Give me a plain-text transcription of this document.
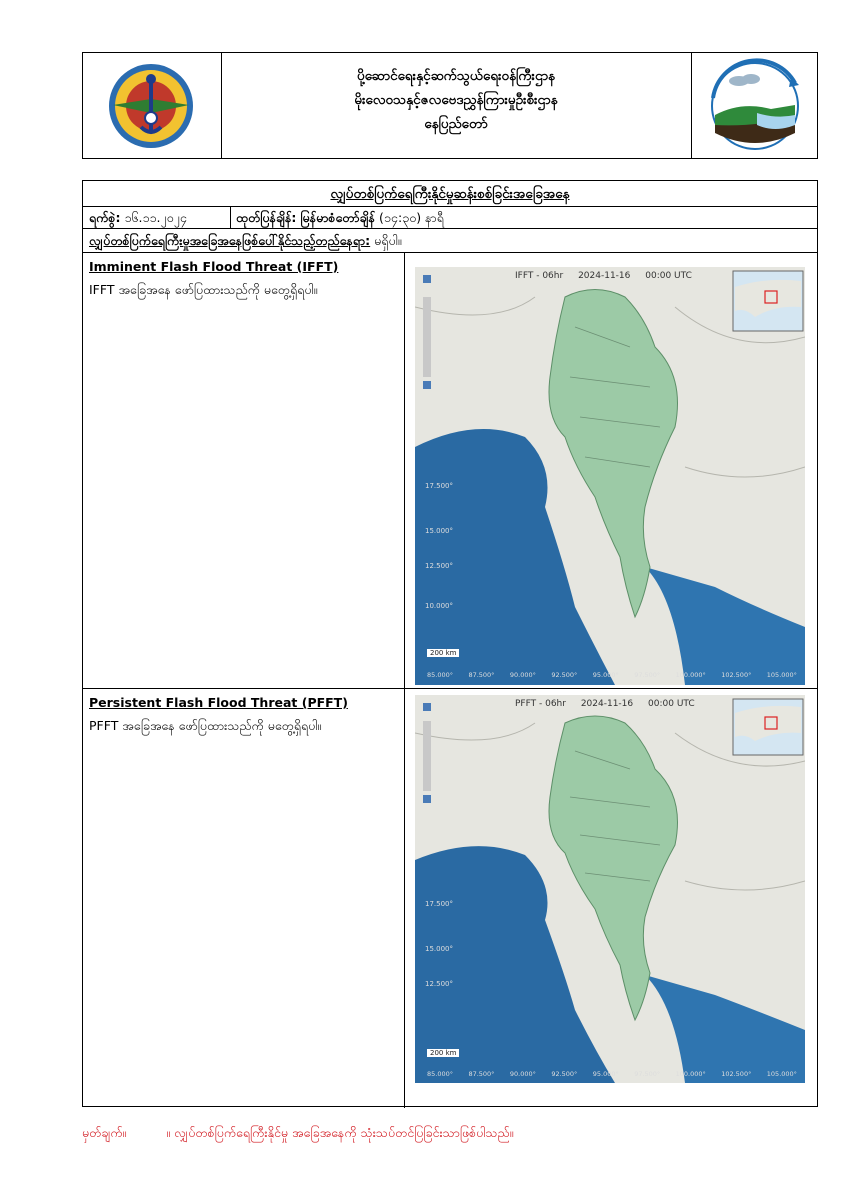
ပို့ဆောင်ရေးနှင့်ဆက်သွယ်ရေးဝန်ကြီးဌာန
မိုးလေဝသနှင့်ဇလဗေဒညွှန်ကြားမှုဦးစီးဌာန
နေပြည်တော်
လျှပ်တစ်ပြက်ရေကြီးနိုင်မှုဆန်းစစ်ခြင်းအခြေအနေ
ရက်စွဲ: ၁၆.၁၁.၂၀၂၄	ထုတ်ပြန်ချိန်: မြန်မာစံတော်ချိန် (၁၄:၃၀) နာရီ
လျှပ်တစ်ပြက်ရေကြီးမှုအခြေအနေဖြစ်ပေါ်နိုင်သည့်တည်နေရာ: မရှိပါ။
Imminent Flash Flood Threat (IFFT)
IFFT အခြေအနေ ဖော်ပြထားသည်ကို မတွေ့ရှိရပါ။
IFFT - 06hr 2024-11-16 00:00 UTC
200 km
17.500°
15.000°
12.500°
10.000°
85.000° 87.500° 90.000° 92.500° 95.000° 97.500° 100.000° 102.500° 105.000°
Persistent Flash Flood Threat (PFFT)
PFFT အခြေအနေ ဖော်ပြထားသည်ကို မတွေ့ရှိရပါ။
PFFT - 06hr 2024-11-16 00:00 UTC
200 km
17.500°
15.000°
12.500°
85.000° 87.500° 90.000° 92.500° 95.000° 97.500° 100.000° 102.500° 105.000°
မှတ်ချက်။	။ လျှပ်တစ်ပြက်ရေကြီးနိုင်မှု အခြေအနေကို သုံးသပ်တင်ပြခြင်းသာဖြစ်ပါသည်။
